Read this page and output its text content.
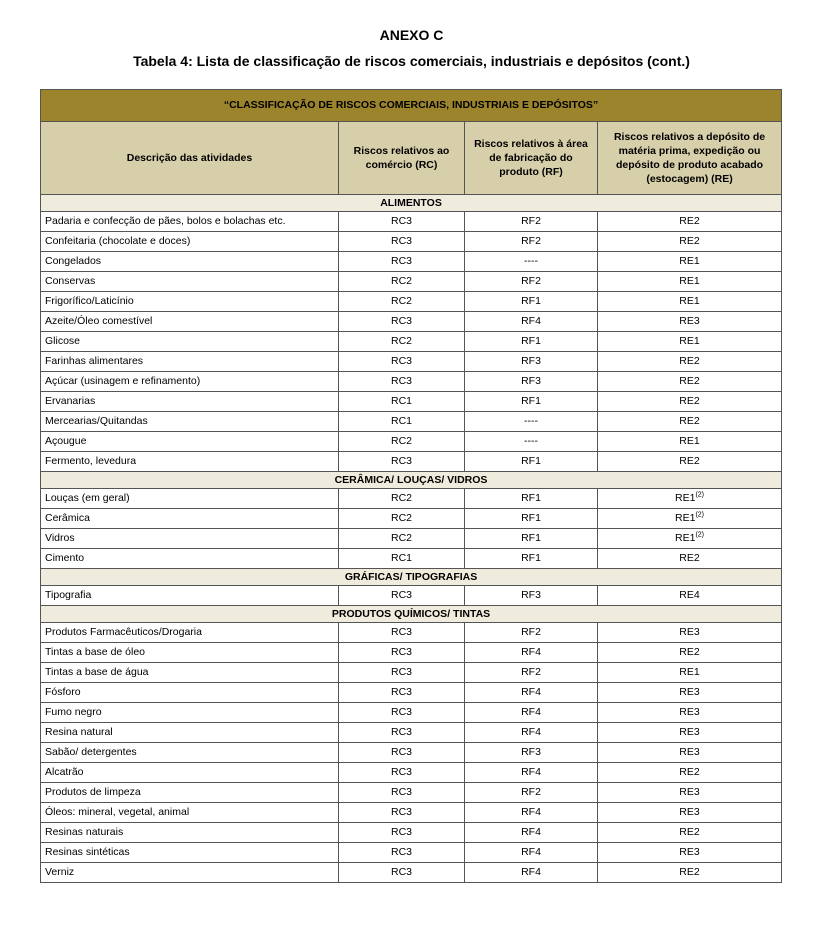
ANEXO C
Tabela 4: Lista de classificação de riscos comerciais, industriais e depósitos (cont.)
“CLASSIFICAÇÃO DE RISCOS COMERCIAIS, INDUSTRIAIS E DEPÓSITOS”			
Descrição das atividades	Riscos relativos ao comércio (RC)	Riscos relativos à área de fabricação do produto (RF)	Riscos relativos a depósito de matéria prima, expedição ou depósito de produto acabado (estocagem) (RE)
ALIMENTOS			
Padaria e confecção de pães, bolos e bolachas etc.	RC3	RF2	RE2
Confeitaria (chocolate e doces)	RC3	RF2	RE2
Congelados	RC3	----	RE1
Conservas	RC2	RF2	RE1
Frigorífico/Laticínio	RC2	RF1	RE1
Azeite/Óleo comestível	RC3	RF4	RE3
Glicose	RC2	RF1	RE1
Farinhas alimentares	RC3	RF3	RE2
Açúcar (usinagem e refinamento)	RC3	RF3	RE2
Ervanarias	RC1	RF1	RE2
Mercearias/Quitandas	RC1	----	RE2
Açougue	RC2	----	RE1
Fermento, levedura	RC3	RF1	RE2
CERÂMICA/ LOUÇAS/ VIDROS			
Louças (em geral)	RC2	RF1	RE1$^{(2)}$
Cerâmica	RC2	RF1	RE1$^{(2)}$
Vidros	RC2	RF1	RE1$^{(2)}$
Cimento	RC1	RF1	RE2
GRÁFICAS/ TIPOGRAFIAS			
Tipografia	RC3	RF3	RE4
PRODUTOS QUÍMICOS/ TINTAS			
Produtos Farmacêuticos/Drogaria	RC3	RF2	RE3
Tintas a base de óleo	RC3	RF4	RE2
Tintas a base de água	RC3	RF2	RE1
Fósforo	RC3	RF4	RE3
Fumo negro	RC3	RF4	RE3
Resina natural	RC3	RF4	RE3
Sabão/ detergentes	RC3	RF3	RE3
Alcatrão	RC3	RF4	RE2
Produtos de limpeza	RC3	RF2	RE3
Óleos: mineral, vegetal, animal	RC3	RF4	RE3
Resinas naturais	RC3	RF4	RE2
Resinas sintéticas	RC3	RF4	RE3
Verniz	RC3	RF4	RE2
